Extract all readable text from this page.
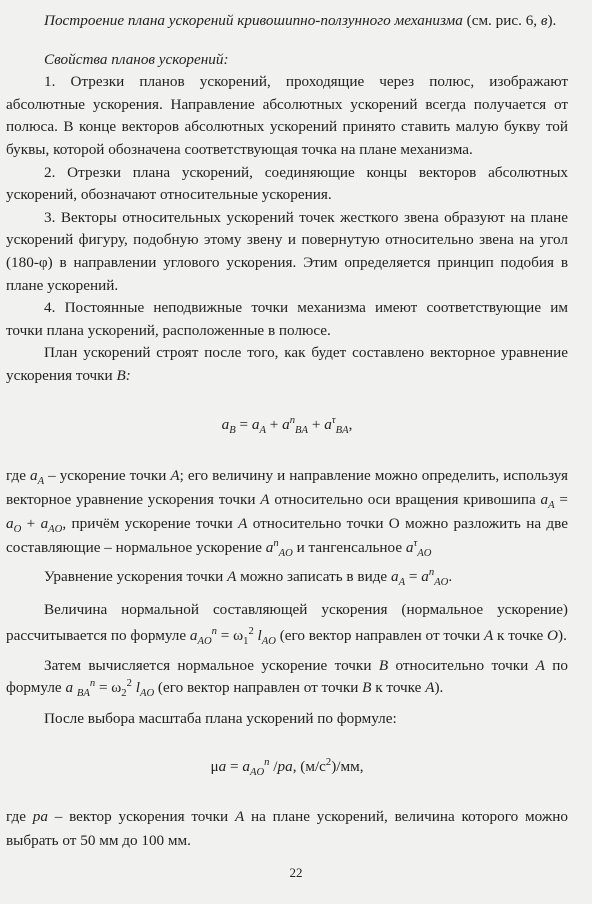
Построение плана ускорений кривошипно-ползунного механизма (см. рис. 6, в).

Свойства планов ускорений:

1. Отрезки планов ускорений, проходящие через полюс, изображают абсолютные ускорения. Направление абсолютных ускорений всегда получается от полюса. В конце векторов абсолютных ускорений принято ставить малую букву той буквы, которой обозначена соответствующая точка на плане механизма.

2. Отрезки плана ускорений, соединяющие концы векторов абсолютных ускорений, обозначают относительные ускорения.

3. Векторы относительных ускорений точек жесткого звена образуют на плане ускорений фигуру, подобную этому звену и повернутую относительно звена на угол (180-φ) в направлении углового ускорения. Этим определяется принцип подобия в плане ускорений.

4. Постоянные неподвижные точки механизма имеют соответствующие им точки плана ускорений, расположенные в полюсе.

План ускорений строят после того, как будет составлено векторное уравнение ускорения точки B:

$a_B = a_A + a^n_{BA} + a^\tau_{BA}$,

где $a_A$ – ускорение точки A; его величину и направление можно определить, используя векторное уравнение ускорения точки A относительно оси вращения кривошипа $a_A = a_O + a_{AO}$, причём ускорение точки A относительно точки О можно разложить на две составляющие – нормальное ускорение $a^n_{AO}$ и тангенсальное $a^\tau_{AO}$

Уравнение ускорения точки A можно записать в виде $a_A = a^n_{AO}$.

Величина нормальной составляющей ускорения (нормальное ускорение) рассчитывается по формуле $a_{AO}^n = \omega_1^2$ $l_{AO}$ (его вектор направлен от точки A к точке O).

Затем вычисляется нормальное ускорение точки B относительно точки A по формуле a $_{BA}^n = \omega_2^2$ $l_{AO}$ (его вектор направлен от точки B к точке A).

После выбора масштаба плана ускорений по формуле:

$\mu a = a_{AO}^n$ /pa, $(м/с^2)/мм$,

где pa – вектор ускорения точки A на плане ускорений, величина которого можно выбрать от 50 мм до 100 мм.

22
